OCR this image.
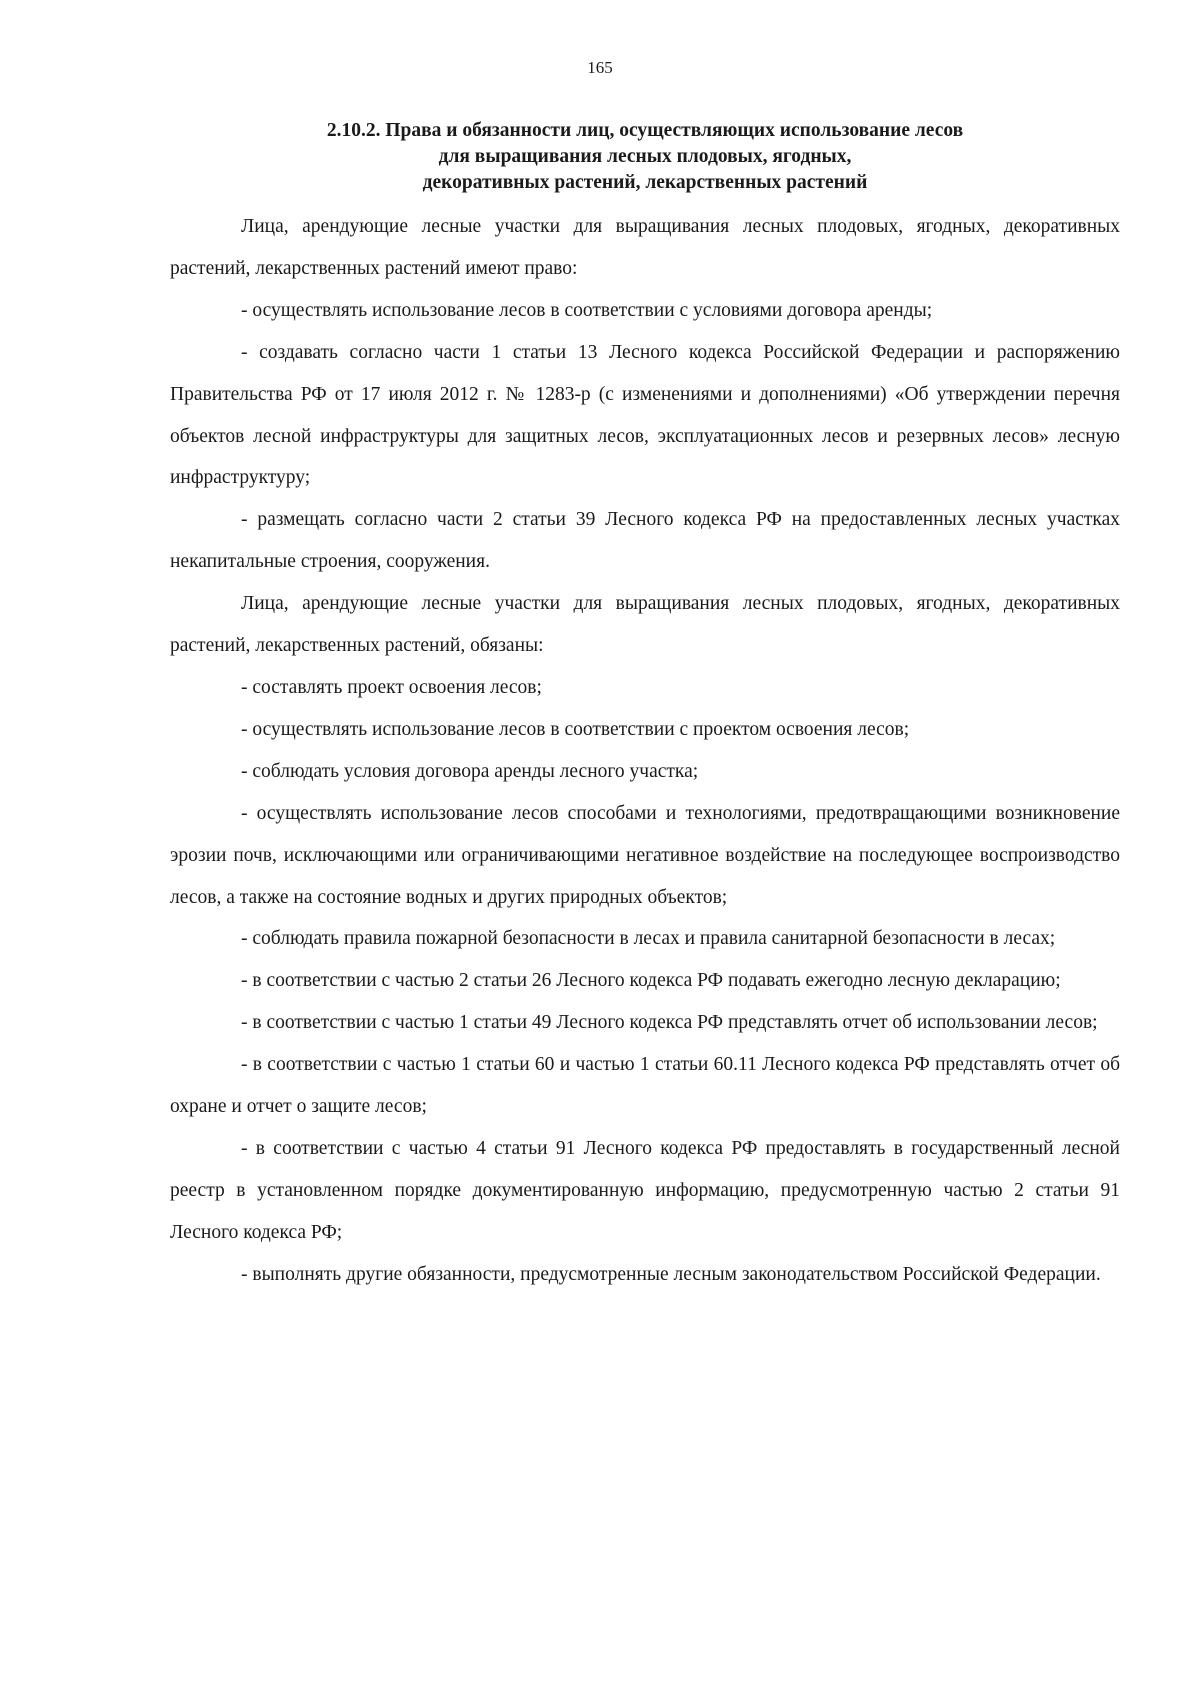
165
2.10.2. Права и обязанности лиц, осуществляющих использование лесов
для выращивания лесных плодовых, ягодных,
декоративных растений, лекарственных растений

Лица, арендующие лесные участки для выращивания лесных плодовых, ягодных, декоративных растений, лекарственных растений имеют право:

- осуществлять использование лесов в соответствии с условиями договора аренды;

- создавать согласно части 1 статьи 13 Лесного кодекса Российской Федерации и распоряжению Правительства РФ от 17 июля 2012 г. № 1283-р (с изменениями и дополнениями) «Об утверждении перечня объектов лесной инфраструктуры для защитных лесов, эксплуатационных лесов и резервных лесов» лесную инфраструктуру;

- размещать согласно части 2 статьи 39 Лесного кодекса РФ на предоставленных лесных участках некапитальные строения, сооружения.

Лица, арендующие лесные участки для выращивания лесных плодовых, ягодных, декоративных растений, лекарственных растений, обязаны:

- составлять проект освоения лесов;

- осуществлять использование лесов в соответствии с проектом освоения лесов;

- соблюдать условия договора аренды лесного участка;

- осуществлять использование лесов способами и технологиями, предотвращающими возникновение эрозии почв, исключающими или ограничивающими негативное воздействие на последующее воспроизводство лесов, а также на состояние водных и других природных объектов;

- соблюдать правила пожарной безопасности в лесах и правила санитарной безопасности в лесах;

- в соответствии с частью 2 статьи 26 Лесного кодекса РФ подавать ежегодно лесную декларацию;

- в соответствии с частью 1 статьи 49 Лесного кодекса РФ представлять отчет об использовании лесов;

- в соответствии с частью 1 статьи 60 и частью 1 статьи 60.11 Лесного кодекса РФ представлять отчет об охране и отчет о защите лесов;

- в соответствии с частью 4 статьи 91 Лесного кодекса РФ предоставлять в государственный лесной реестр в установленном порядке документированную информацию, предусмотренную частью 2 статьи 91 Лесного кодекса РФ;

- выполнять другие обязанности, предусмотренные лесным законодательством Российской Федерации.
